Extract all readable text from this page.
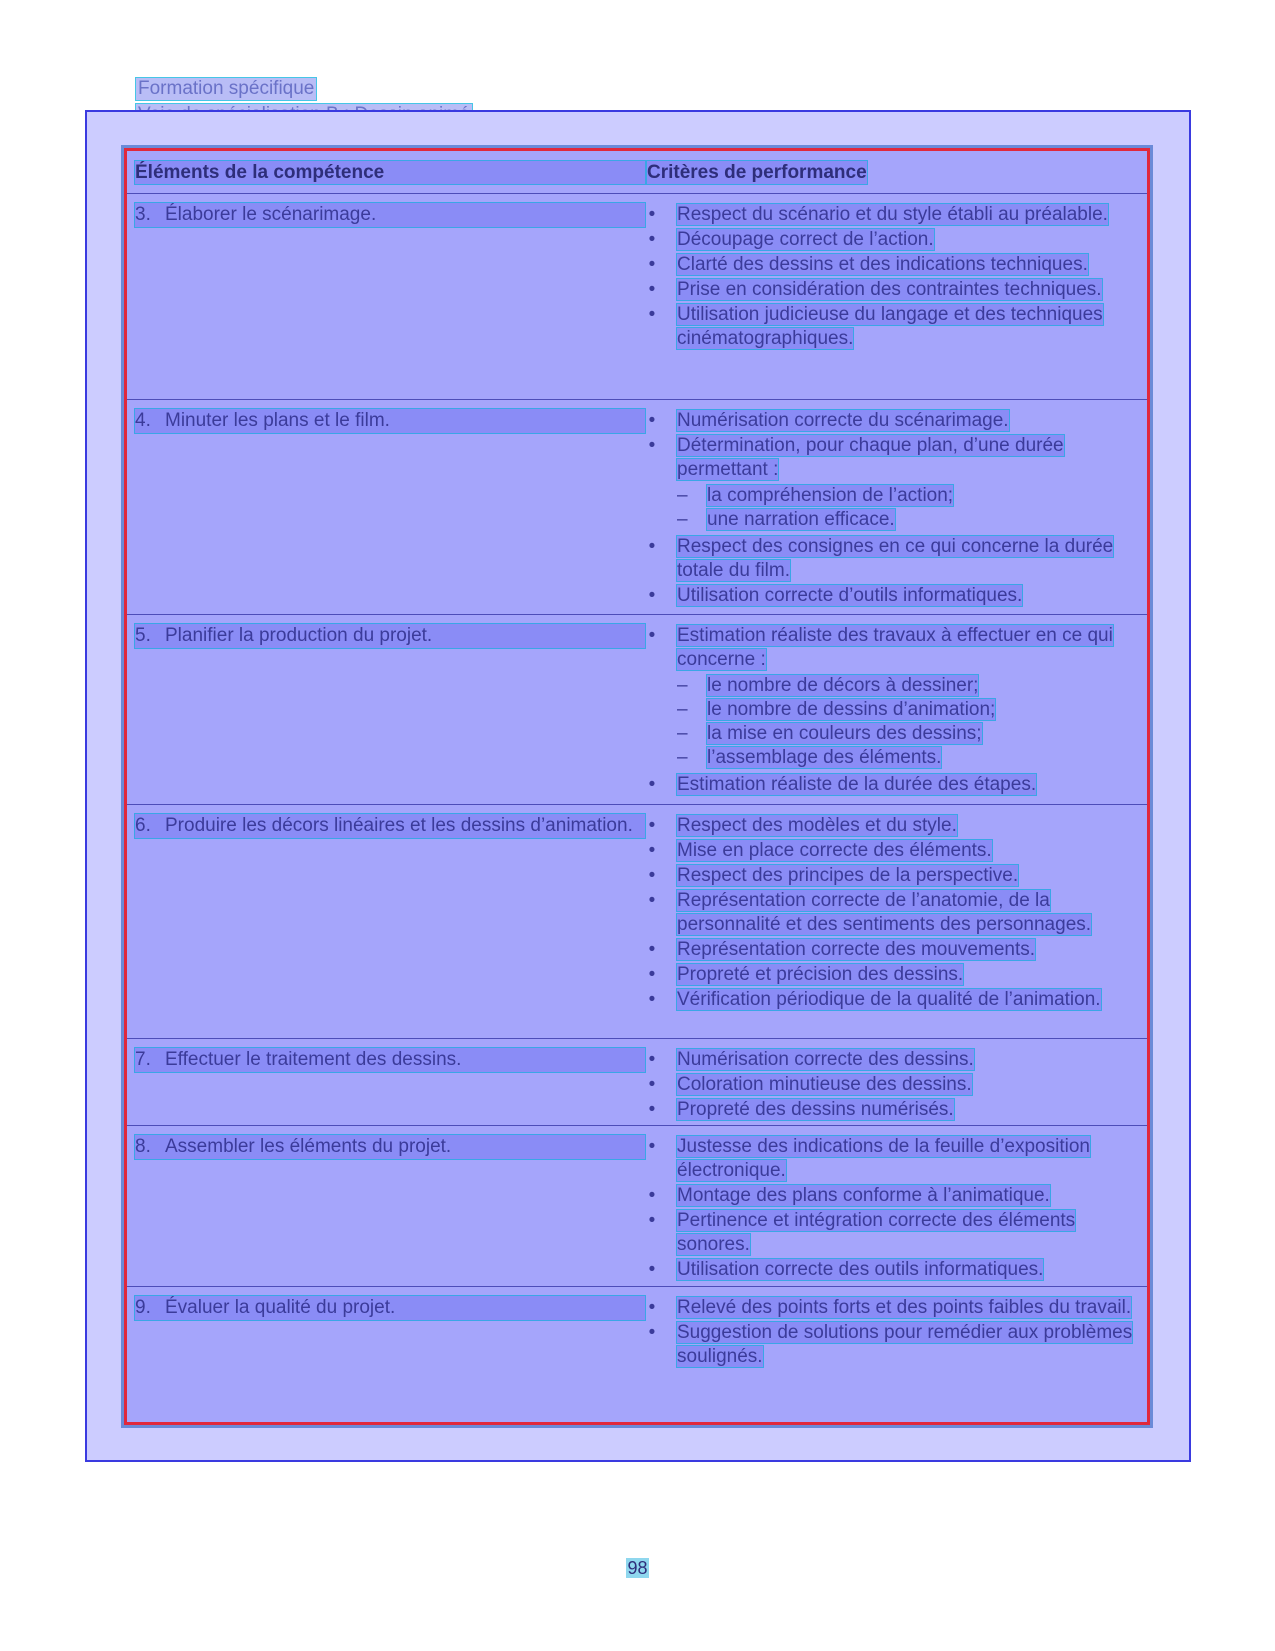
Formation spécifique
Éléments de la compétence	Critères de performance
3. Élaborer le scénarimage.	• Respect du scénario et du style établi au préalable.
• Découpage correct de l’action.
• Clarté des dessins et des indications techniques.
• Prise en considération des contraintes techniques.
• Utilisation judicieuse du langage et des techniques cinématographiques.
4. Minuter les plans et le film.	• Numérisation correcte du scénarimage.
• Détermination, pour chaque plan, d’une durée permettant :
– la compréhension de l’action;
– une narration efficace.
• Respect des consignes en ce qui concerne la durée totale du film.
• Utilisation correcte d’outils informatiques.
5. Planifier la production du projet.	• Estimation réaliste des travaux à effectuer en ce qui concerne :
– le nombre de décors à dessiner;
– le nombre de dessins d’animation;
– la mise en couleurs des dessins;
– l’assemblage des éléments.
• Estimation réaliste de la durée des étapes.
6. Produire les décors linéaires et les dessins d’animation. • Respect des modèles et du style.
• Mise en place correcte des éléments.
• Respect des principes de la perspective.
• Représentation correcte de l’anatomie, de la personnalité et des sentiments des personnages.
• Représentation correcte des mouvements.
• Propreté et précision des dessins.
• Vérification périodique de la qualité de l’animation.
7. Effectuer le traitement des dessins.	• Numérisation correcte des dessins.
• Coloration minutieuse des dessins.
• Propreté des dessins numérisés.
8. Assembler les éléments du projet.	• Justesse des indications de la feuille d’exposition électronique.
• Montage des plans conforme à l’animatique.
• Pertinence et intégration correcte des éléments sonores.
• Utilisation correcte des outils informatiques.
9. Évaluer la qualité du projet.	• Relevé des points forts et des points faibles du travail.
• Suggestion de solutions pour remédier aux problèmes soulignés.
98
